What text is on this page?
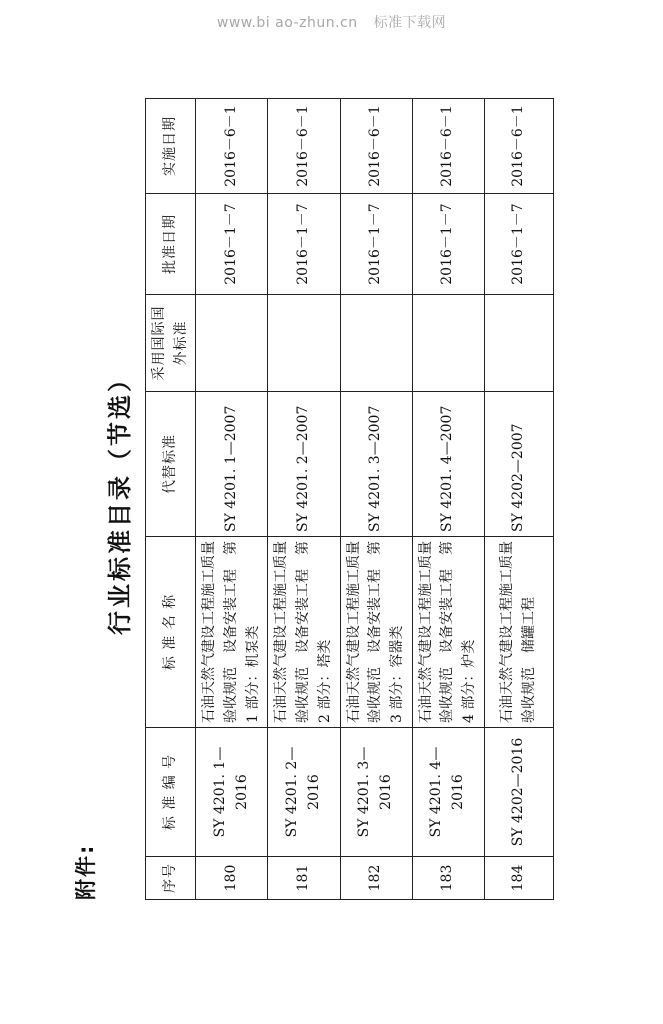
www.bi ao-zhun.cn 标准下载网
附件:
行业标准目录（节选）
序号	标 准 编 号	标 准 名 称	代替标准	采用国际国外标准	批准日期	实施日期
180	SY 4201. 1—2016	石油天然气建设工程施工质量验收规范　设备安装工程　第 1 部分：机泵类	SY 4201. 1—2007		2016－1－7	2016－6－1
181	SY 4201. 2—2016	石油天然气建设工程施工质量验收规范　设备安装工程　第 2 部分：塔类	SY 4201. 2—2007		2016－1－7	2016－6－1
182	SY 4201. 3—2016	石油天然气建设工程施工质量验收规范　设备安装工程　第 3 部分：容器类	SY 4201. 3—2007		2016－1－7	2016－6－1
183	SY 4201. 4—2016	石油天然气建设工程施工质量验收规范　设备安装工程　第 4 部分：炉类	SY 4201. 4—2007		2016－1－7	2016－6－1
184	SY 4202—2016	石油天然气建设工程施工质量验收规范　储罐工程	SY 4202—2007		2016－1－7	2016－6－1
